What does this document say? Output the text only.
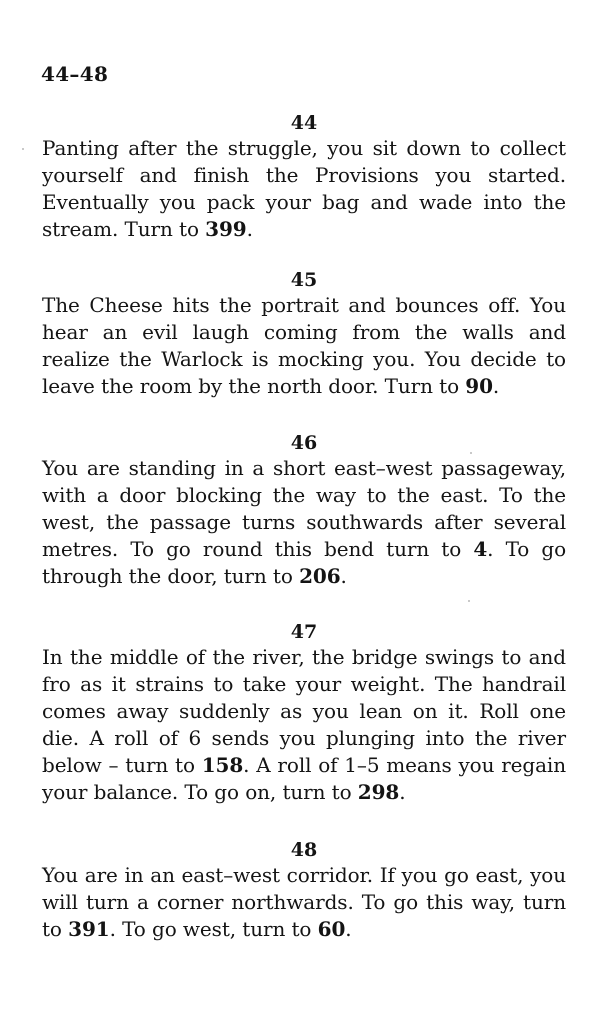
44–48
44

Panting after the struggle, you sit down to collect yourself and finish the Provisions you started. Eventually you pack your bag and wade into the stream. Turn to 399.

45

The Cheese hits the portrait and bounces off. You hear an evil laugh coming from the walls and realize the Warlock is mocking you. You decide to leave the room by the north door. Turn to 90.

46

You are standing in a short east–west passageway, with a door blocking the way to the east. To the west, the passage turns southwards after several metres. To go round this bend turn to 4. To go through the door, turn to 206.

47

In the middle of the river, the bridge swings to and fro as it strains to take your weight. The handrail comes away suddenly as you lean on it. Roll one die. A roll of 6 sends you plunging into the river below – turn to 158. A roll of 1–5 means you regain your balance. To go on, turn to 298.

48

You are in an east–west corridor. If you go east, you will turn a corner northwards. To go this way, turn to 391. To go west, turn to 60.
